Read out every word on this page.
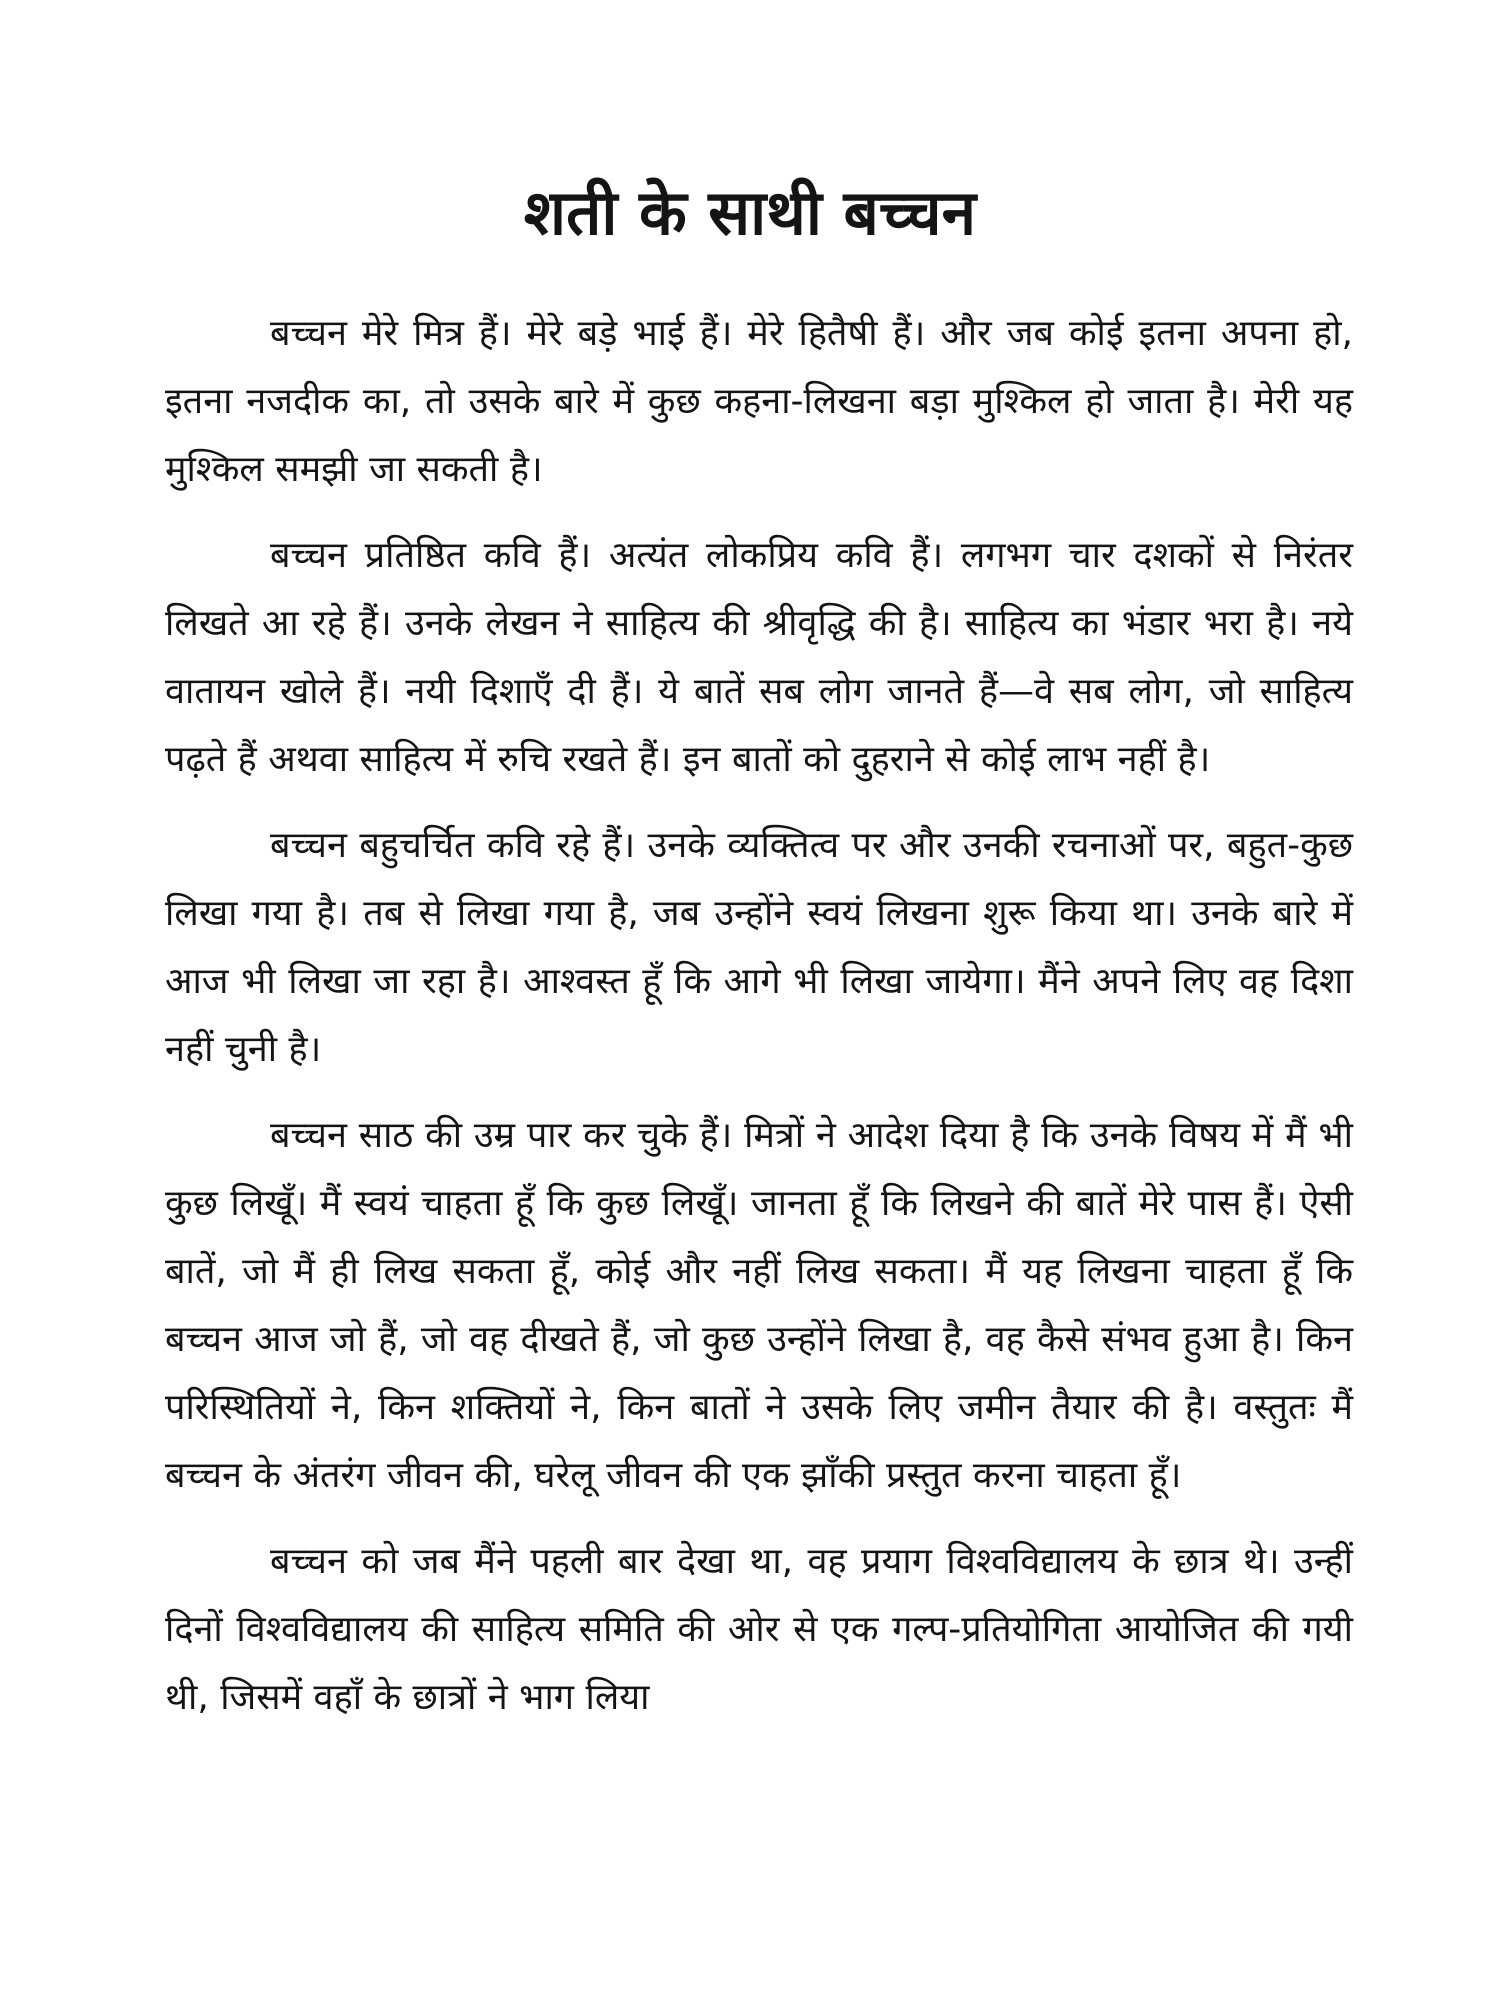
शती के साथी बच्चन

बच्चन मेरे मित्र हैं। मेरे बड़े भाई हैं। मेरे हितैषी हैं। और जब कोई इतना अपना हो, इतना नजदीक का, तो उसके बारे में कुछ कहना-लिखना बड़ा मुश्किल हो जाता है। मेरी यह मुश्किल समझी जा सकती है।

बच्चन प्रतिष्ठित कवि हैं। अत्यंत लोकप्रिय कवि हैं। लगभग चार दशकों से निरंतर लिखते आ रहे हैं। उनके लेखन ने साहित्य की श्रीवृद्धि की है। साहित्य का भंडार भरा है। नये वातायन खोले हैं। नयी दिशाएँ दी हैं। ये बातें सब लोग जानते हैं—वे सब लोग, जो साहित्य पढ़ते हैं अथवा साहित्य में रुचि रखते हैं। इन बातों को दुहराने से कोई लाभ नहीं है।

बच्चन बहुचर्चित कवि रहे हैं। उनके व्यक्तित्व पर और उनकी रचनाओं पर, बहुत-कुछ लिखा गया है। तब से लिखा गया है, जब उन्होंने स्वयं लिखना शुरू किया था। उनके बारे में आज भी लिखा जा रहा है। आश्वस्त हूँ कि आगे भी लिखा जायेगा। मैंने अपने लिए वह दिशा नहीं चुनी है।

बच्चन साठ की उम्र पार कर चुके हैं। मित्रों ने आदेश दिया है कि उनके विषय में मैं भी कुछ लिखूँ। मैं स्वयं चाहता हूँ कि कुछ लिखूँ। जानता हूँ कि लिखने की बातें मेरे पास हैं। ऐसी बातें, जो मैं ही लिख सकता हूँ, कोई और नहीं लिख सकता। मैं यह लिखना चाहता हूँ कि बच्चन आज जो हैं, जो वह दीखते हैं, जो कुछ उन्होंने लिखा है, वह कैसे संभव हुआ है। किन परिस्थितियों ने, किन शक्तियों ने, किन बातों ने उसके लिए जमीन तैयार की है। वस्तुतः मैं बच्चन के अंतरंग जीवन की, घरेलू जीवन की एक झाँकी प्रस्तुत करना चाहता हूँ।

बच्चन को जब मैंने पहली बार देखा था, वह प्रयाग विश्वविद्यालय के छात्र थे। उन्हीं दिनों विश्वविद्यालय की साहित्य समिति की ओर से एक गल्प-प्रतियोगिता आयोजित की गयी थी, जिसमें वहाँ के छात्रों ने भाग लिया
